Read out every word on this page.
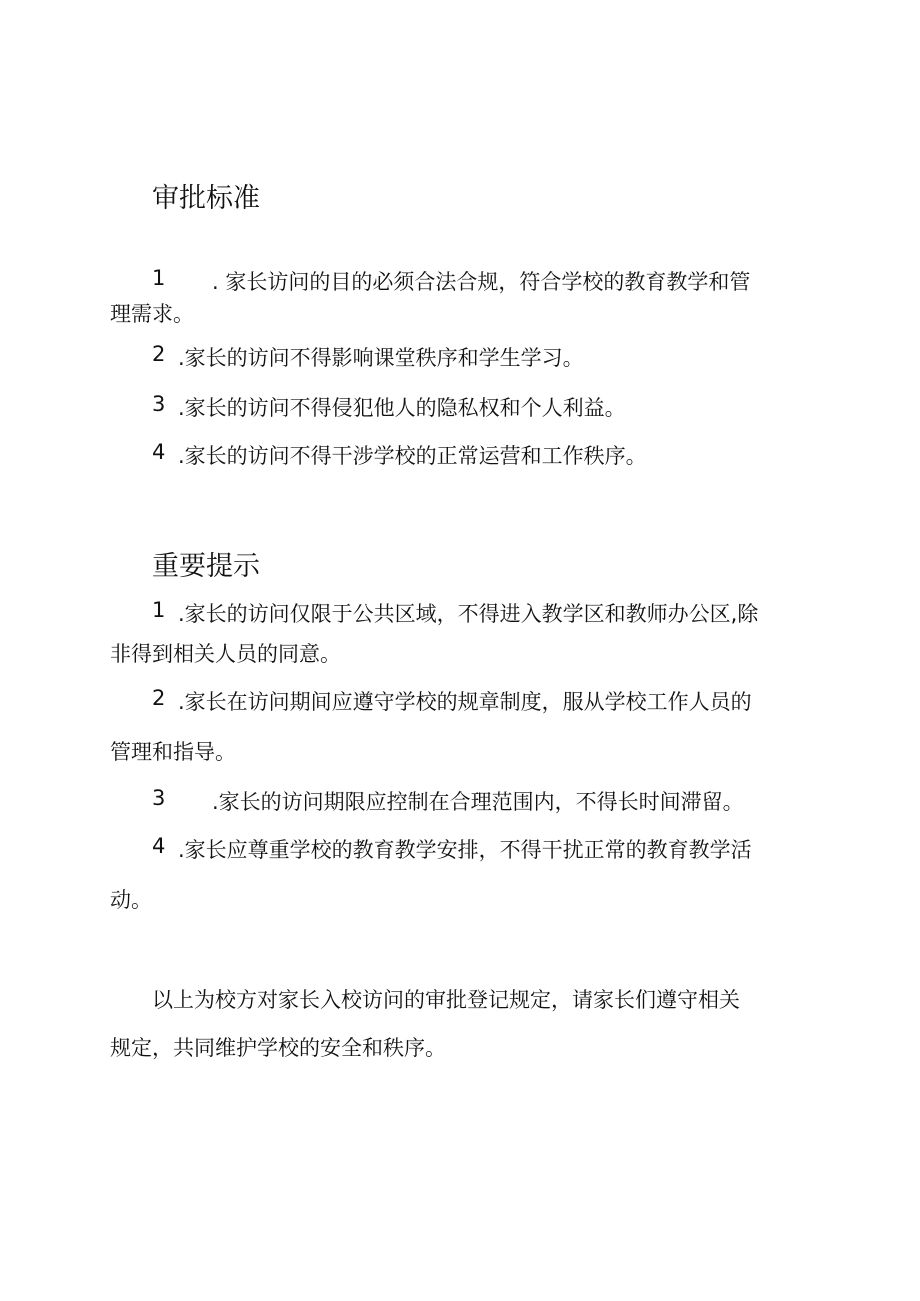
审批标准
1 . 家长访问的目的必须合法合规，符合学校的教育教学和管
理需求。
2 .家长的访问不得影响课堂秩序和学生学习。
3 .家长的访问不得侵犯他人的隐私权和个人利益。
4 .家长的访问不得干涉学校的正常运营和工作秩序。
重要提示
1 .家长的访问仅限于公共区域，不得进入教学区和教师办公区,除
非得到相关人员的同意。
2 .家长在访问期间应遵守学校的规章制度，服从学校工作人员的
管理和指导。
3 .家长的访问期限应控制在合理范围内，不得长时间滞留。
4 .家长应尊重学校的教育教学安排，不得干扰正常的教育教学活
动。
以上为校方对家长入校访问的审批登记规定，请家长们遵守相关
规定，共同维护学校的安全和秩序。
